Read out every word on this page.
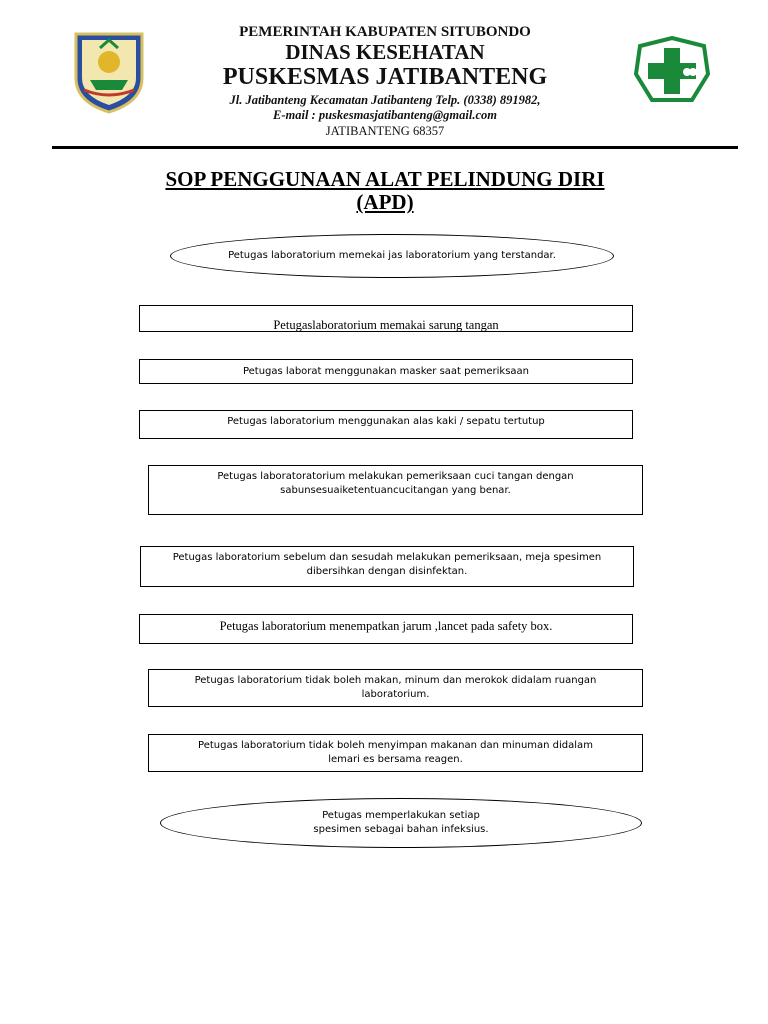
PEMERINTAH KABUPATEN SITUBONDO
DINAS KESEHATAN
PUSKESMAS JATIBANTENG
Jl. Jatibanteng Kecamatan Jatibanteng Telp. (0338) 891982,
E-mail : puskesmasjatibanteng@gmail.com
JATIBANTENG 68357
SOP PENGGUNAAN ALAT PELINDUNG DIRI
(APD)
Petugas laboratorium memekai jas laboratorium yang terstandar.
Petugaslaboratorium memakai sarung tangan
Petugas laborat menggunakan masker saat pemeriksaan
Petugas laboratorium menggunakan alas kaki / sepatu tertutup
Petugas laboratoratorium melakukan pemeriksaan cuci tangan dengan sabunsesuaiketentuancucitangan yang benar.
Petugas laboratorium sebelum dan sesudah melakukan pemeriksaan, meja spesimen dibersihkan dengan disinfektan.
Petugas laboratorium menempatkan jarum ,lancet pada safety box.
Petugas laboratorium tidak boleh makan, minum dan merokok didalam ruangan laboratorium.
Petugas laboratorium tidak boleh menyimpan makanan dan minuman didalam lemari es bersama reagen.
Petugas memperlakukan setiap spesimen sebagai bahan infeksius.
